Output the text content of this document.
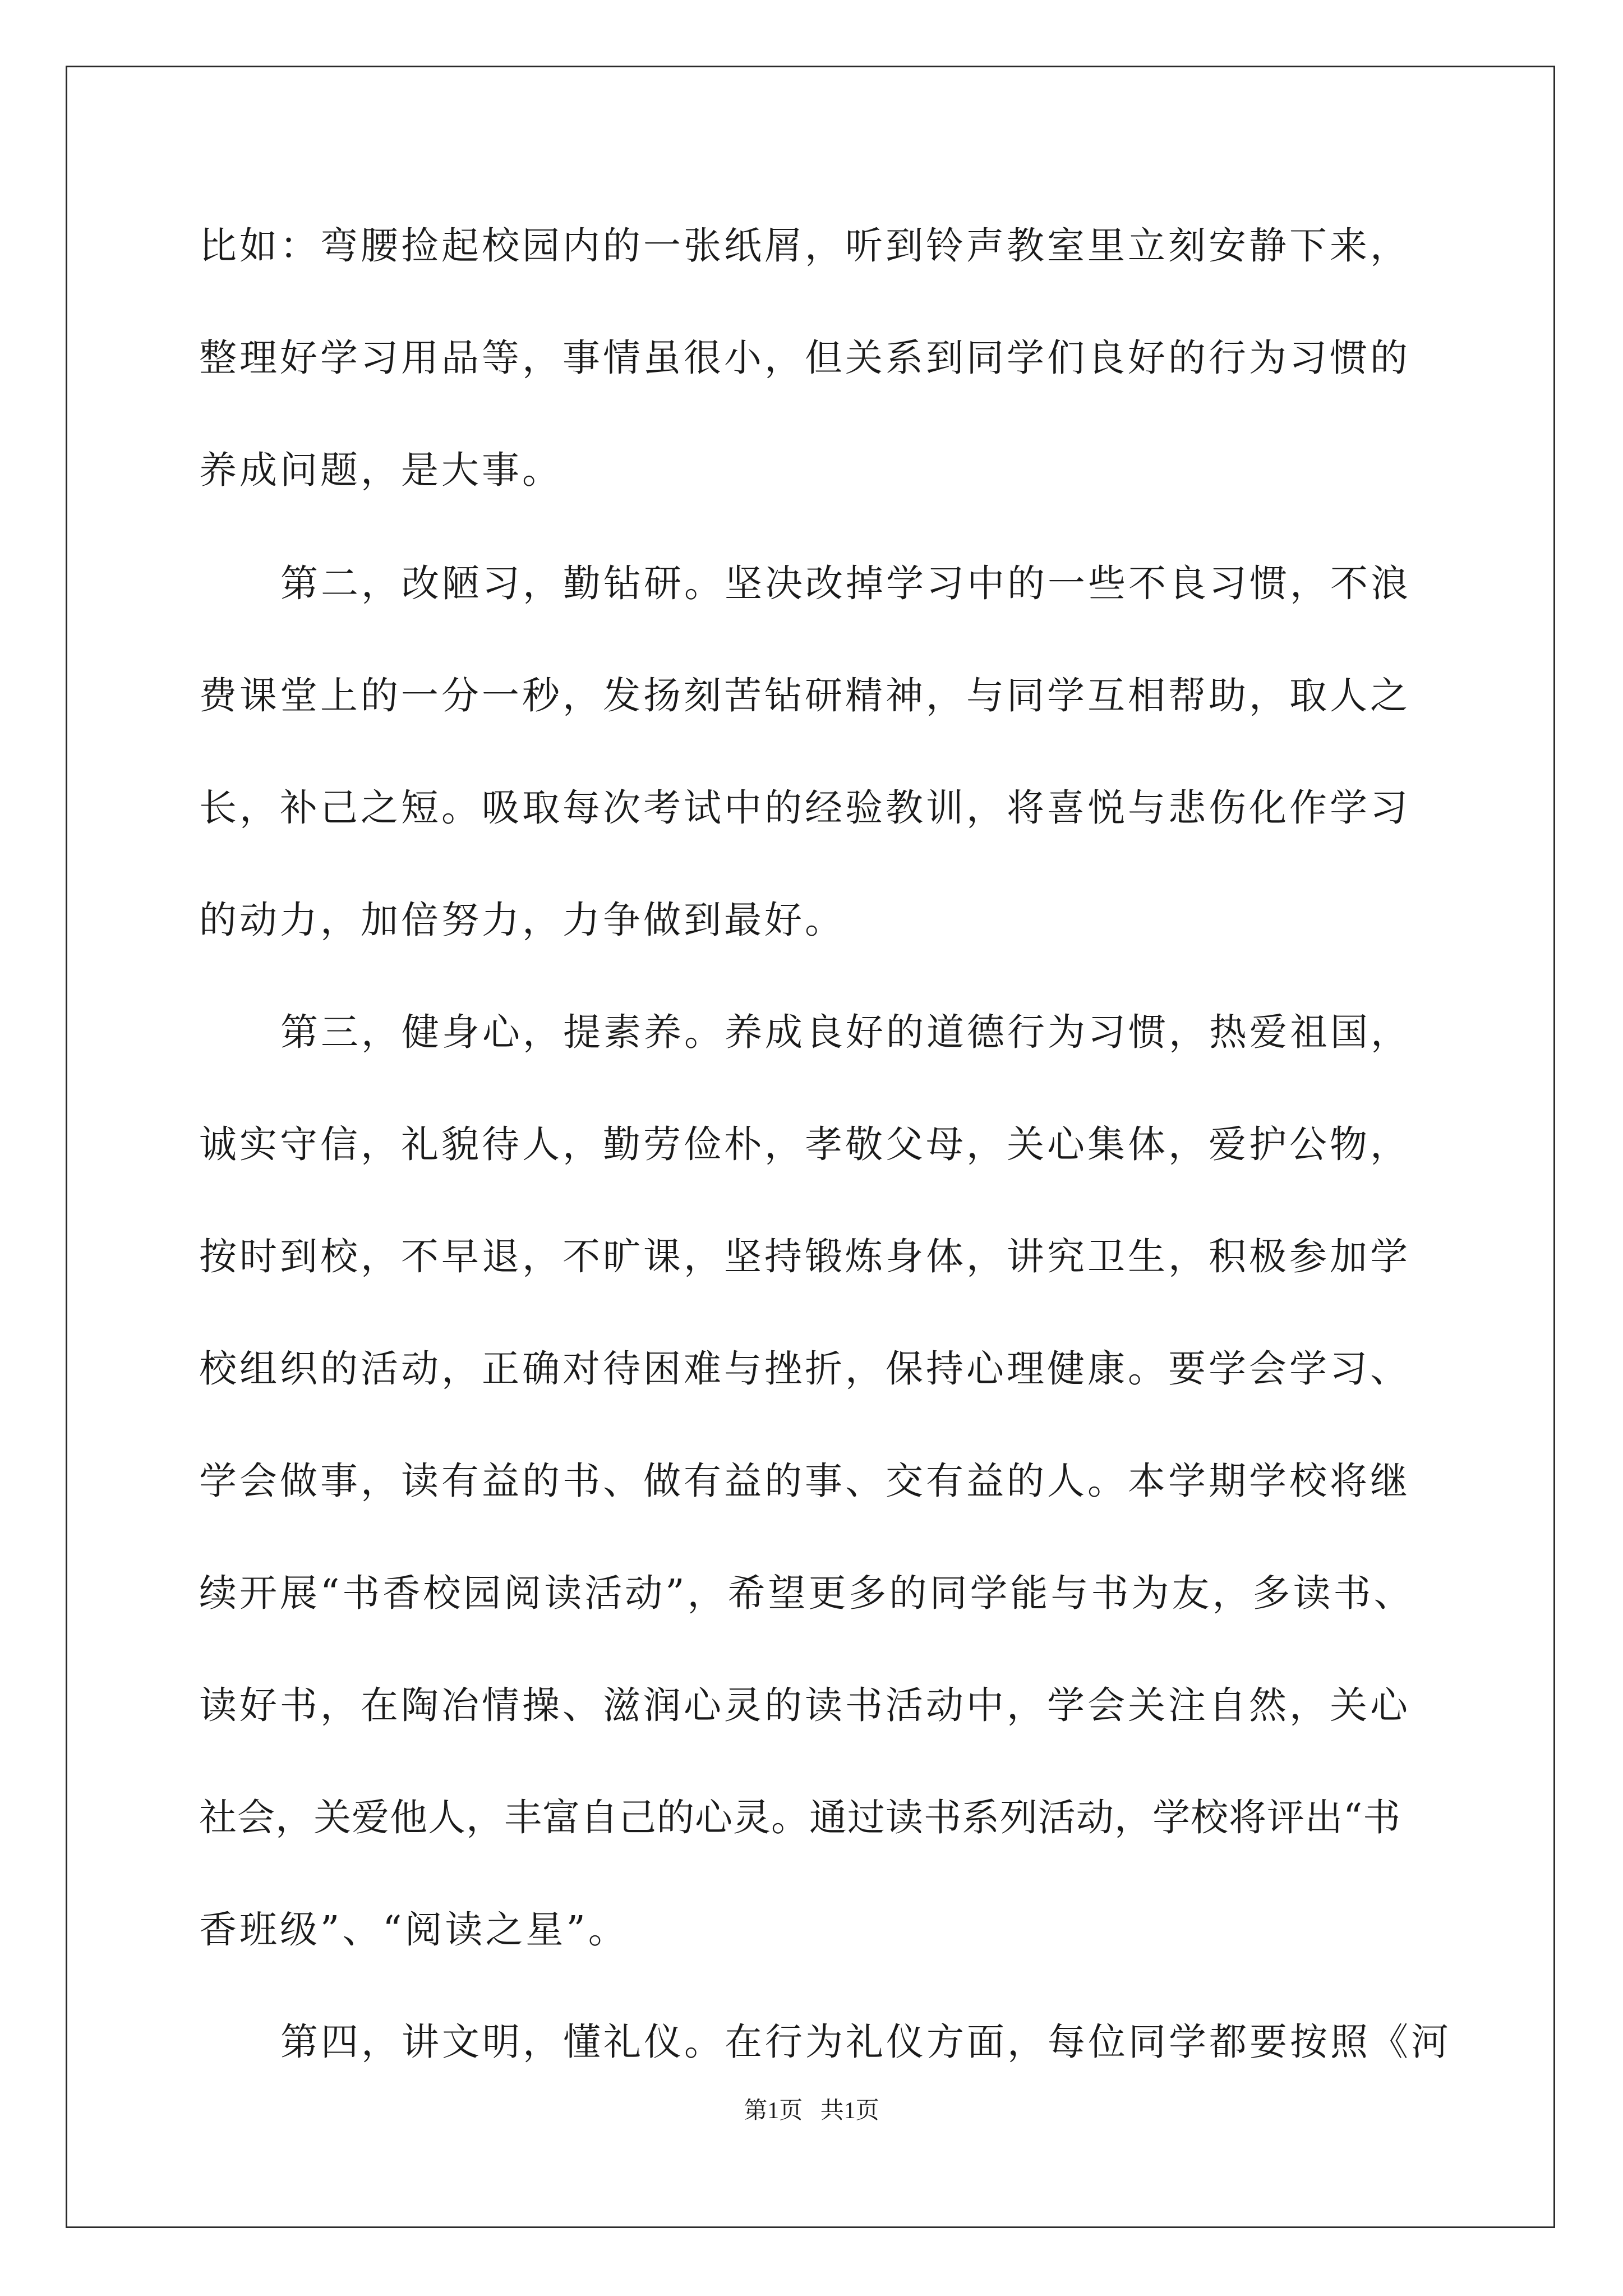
比如：弯腰捡起校园内的一张纸屑，听到铃声教室里立刻安静下来，
整理好学习用品等，事情虽很小，但关系到同学们良好的行为习惯的
养成问题，是大事。
第二，改陋习，勤钻研。坚决改掉学习中的一些不良习惯，不浪
费课堂上的一分一秒，发扬刻苦钻研精神，与同学互相帮助，取人之
长，补己之短。吸取每次考试中的经验教训，将喜悦与悲伤化作学习
的动力，加倍努力，力争做到最好。
第三，健身心，提素养。养成良好的道德行为习惯，热爱祖国，
诚实守信，礼貌待人，勤劳俭朴，孝敬父母，关心集体，爱护公物，
按时到校，不早退，不旷课，坚持锻炼身体，讲究卫生，积极参加学
校组织的活动，正确对待困难与挫折，保持心理健康。要学会学习、
学会做事，读有益的书、做有益的事、交有益的人。本学期学校将继
续开展“书香校园阅读活动”，希望更多的同学能与书为友，多读书、
读好书，在陶冶情操、滋润心灵的读书活动中，学会关注自然，关心
社会，关爱他人，丰富自己的心灵。通过读书系列活动，学校将评出“书
香班级”、“阅读之星”。
第四，讲文明，懂礼仪。在行为礼仪方面，每位同学都要按照《河
第1页   共1页
